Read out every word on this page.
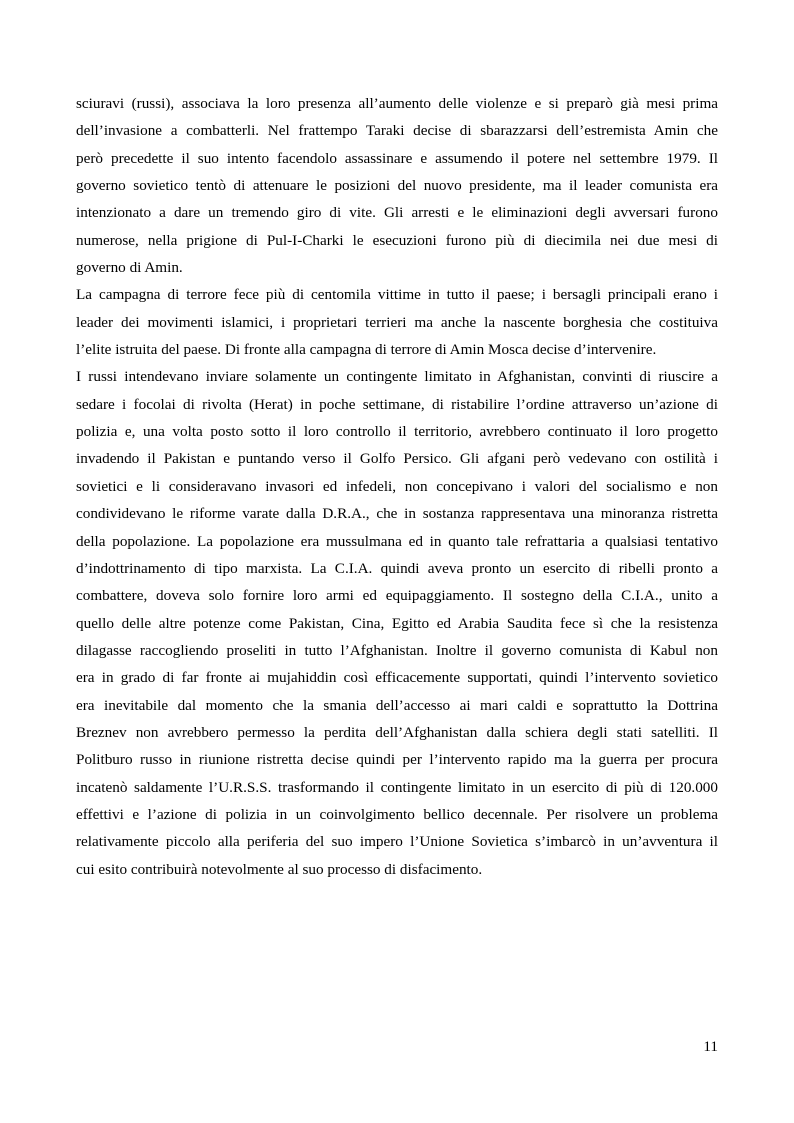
sciuravi (russi), associava la loro presenza all’aumento delle violenze e si preparò già mesi prima
dell’invasione a combatterli. Nel frattempo Taraki decise di sbarazzarsi dell’estremista Amin che
però precedette il suo intento facendolo assassinare e assumendo il potere nel settembre 1979. Il
governo sovietico tentò di attenuare le posizioni del nuovo presidente, ma il leader comunista era
intenzionato a dare un tremendo giro di vite. Gli arresti e le eliminazioni degli avversari furono
numerose, nella prigione di Pul-I-Charki le esecuzioni furono più di diecimila nei due mesi di
governo di Amin.
La campagna di terrore fece più di centomila vittime in tutto il paese; i bersagli principali erano i
leader dei movimenti islamici, i proprietari terrieri ma anche la nascente borghesia che costituiva
l’elite istruita del paese. Di fronte alla campagna di terrore di Amin Mosca decise d’intervenire.
I russi intendevano inviare solamente un contingente limitato in Afghanistan, convinti di riuscire a
sedare i focolai di rivolta (Herat) in poche settimane, di ristabilire l’ordine attraverso un’azione di
polizia e, una volta posto sotto il loro controllo il territorio, avrebbero continuato il loro progetto
invadendo il Pakistan e puntando verso il Golfo Persico. Gli afgani però vedevano con ostilità i
sovietici e li consideravano invasori ed infedeli, non concepivano i valori del socialismo e non
condividevano le riforme varate dalla D.R.A., che in sostanza rappresentava una minoranza ristretta
della popolazione. La popolazione era mussulmana ed in quanto tale refrattaria a qualsiasi tentativo
d’indottrinamento di tipo marxista. La C.I.A. quindi aveva pronto un esercito di ribelli pronto a
combattere, doveva solo fornire loro armi ed equipaggiamento. Il sostegno della C.I.A., unito a
quello delle altre potenze come Pakistan, Cina, Egitto ed Arabia Saudita fece sì che la resistenza
dilagasse raccogliendo proseliti in tutto l’Afghanistan. Inoltre il governo comunista di Kabul non
era in grado di far fronte ai mujahiddin così efficacemente supportati, quindi l’intervento sovietico
era inevitabile dal momento che la smania dell’accesso ai mari caldi e soprattutto la Dottrina
Breznev non avrebbero permesso la perdita dell’Afghanistan dalla schiera degli stati satelliti. Il
Politburo russo in riunione ristretta decise quindi per l’intervento rapido ma la guerra per procura
incatenò saldamente l’U.R.S.S. trasformando il contingente limitato in un esercito di più di 120.000
effettivi e l’azione di polizia in un coinvolgimento bellico decennale. Per risolvere un problema
relativamente piccolo alla periferia del suo impero l’Unione Sovietica s’imbarcò in un’avventura il
cui esito contribuirà notevolmente al suo processo di disfacimento.
11
